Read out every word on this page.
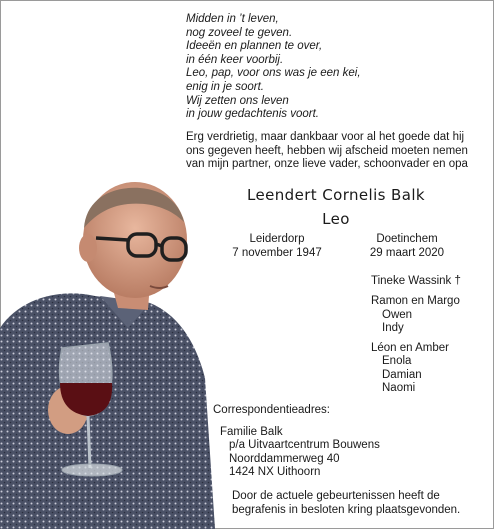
Midden in ’t leven,
nog zoveel te geven.
Ideeën en plannen te over,
in één keer voorbij.
Leo, pap, voor ons was je een kei,
enig in je soort.
Wij zetten ons leven
in jouw gedachtenis voort.
Erg verdrietig, maar dankbaar voor al het goede dat hij
ons gegeven heeft, hebben wij afscheid moeten nemen
van mijn partner, onze lieve vader, schoonvader en opa
Leendert Cornelis Balk
Leo
Leiderdorp
7 november 1947
Doetinchem
29 maart 2020
Tineke Wassink †
Ramon en Margo
Owen
Indy
Léon en Amber
Enola
Damian
Naomi
Correspondentieadres:
Familie Balk
p/a Uitvaartcentrum Bouwens
Noorddammerweg 40
1424 NX Uithoorn
Door de actuele gebeurtenissen heeft de
begrafenis in besloten kring plaatsgevonden.
